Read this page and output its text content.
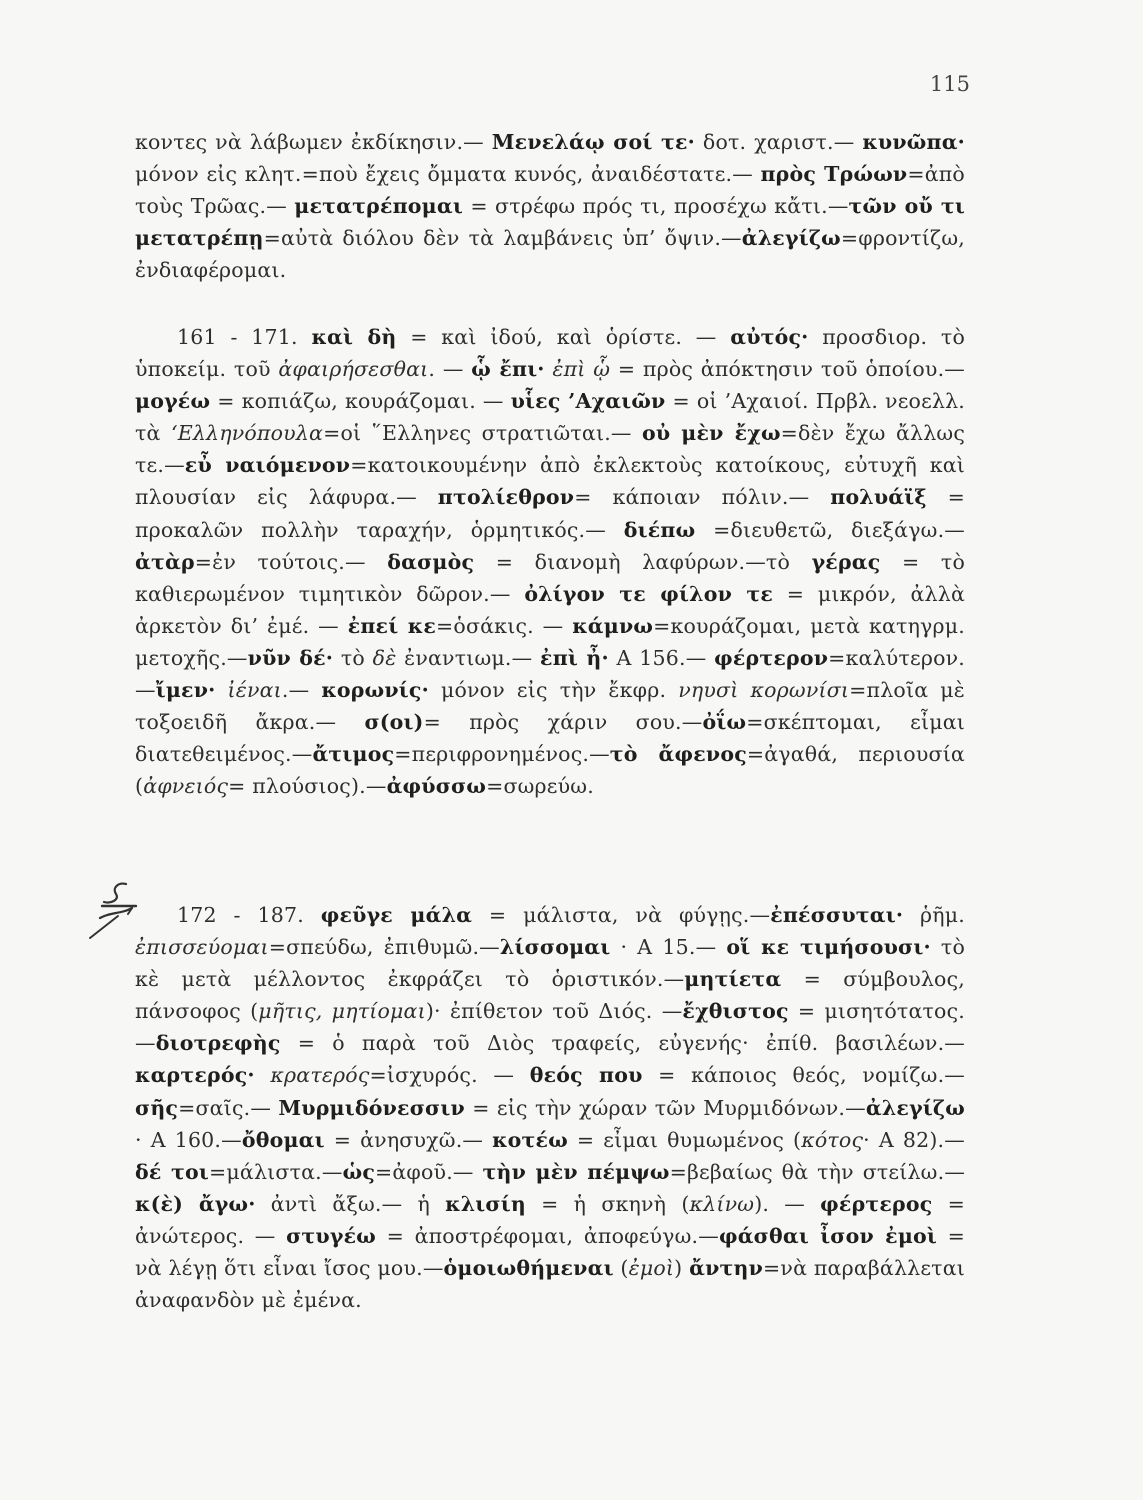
115

κοντες νὰ λάβωμεν ἐκδίκησιν.— Μενελάῳ σοί τε· δοτ. χαριστ.— κυνῶπα· μόνον εἰς κλητ.=ποὺ ἔχεις ὄμματα κυνός, ἀναιδέστατε.— πρὸς Τρώων=ἀπὸ τοὺς Τρῶας.— μετατρέπομαι = στρέφω πρός τι, προσέχω κἄτι.—τῶν οὔ τι μετατρέπῃ=αὐτὰ διόλου δὲν τὰ λαμβάνεις ὑπ’ ὄψιν.—ἀλεγίζω=φροντίζω, ἐνδιαφέρομαι.

161 - 171. καὶ δὴ = καὶ ἰδού, καὶ ὁρίστε. — αὐτός· προσδιορ. τὸ ὑποκείμ. τοῦ ἀφαιρήσεσθαι. — ᾧ ἔπι· ἐπὶ ᾧ = πρὸς ἀπόκτησιν τοῦ ὁποίου.— μογέω = κοπιάζω, κουράζομαι. — υἷες ’Αχαιῶν = οἱ ’Αχαιοί. Πρβλ. νεοελλ. τὰ ‘Ελληνόπουλα=οἱ ῞Ελληνες στρατιῶται.— οὐ μὲν ἔχω=δὲν ἔχω ἄλλως τε.—εὖ ναιόμενον=κατοικουμένην ἀπὸ ἐκλεκτοὺς κατοίκους, εὐτυχῆ καὶ πλουσίαν εἰς λάφυρα.— πτολίεθρον= κάποιαν πόλιν.— πολυάϊξ = προκαλῶν πολλὴν ταραχήν, ὁρμητικός.— διέπω =διευθετῶ, διεξάγω.—ἀτὰρ=ἐν τούτοις.— δασμὸς = διανομὴ λαφύρων.—τὸ γέρας = τὸ καθιερωμένον τιμητικὸν δῶρον.— ὀλίγον τε φίλον τε = μικρόν, ἀλλὰ ἀρκετὸν δι’ ἐμέ. — ἐπεί κε=ὁσάκις. — κάμνω=κουράζομαι, μετὰ κατηγρμ. μετοχῆς.—νῦν δέ· τὸ δὲ ἐναντιωμ.— ἐπὶ ἦ· Α 156.— φέρτερον=καλύτερον.—ἴμεν· ἰέναι.— κορωνίς· μόνον εἰς τὴν ἔκφρ. νηυσὶ κορωνίσι=πλοῖα μὲ τοξοειδῆ ἄκρα.— σ(οι)= πρὸς χάριν σου.—ὀΐω=σκέπτομαι, εἶμαι διατεθειμένος.—ἄτιμος=περιφρονημένος.—τὸ ἄφενος=ἀγαθά, περιουσία (ἀφνειός= πλούσιος).—ἀφύσσω=σωρεύω.

172 - 187. φεῦγε μάλα = μάλιστα, νὰ φύγῃς.—ἐπέσσυται· ῥῆμ. ἐπισσεύομαι=σπεύδω, ἐπιθυμῶ.—λίσσομαι · Α 15.— οἵ κε τιμήσουσι· τὸ κὲ μετὰ μέλλοντος ἐκφράζει τὸ ὁριστικόν.—μητίετα = σύμβουλος, πάνσοφος (μῆτις, μητίομαι)· ἐπίθετον τοῦ Διός. —ἔχθιστος = μισητότατος.—διοτρεφὴς = ὁ παρὰ τοῦ Διὸς τραφείς, εὐγενής· ἐπίθ. βασιλέων.—καρτερός· κρατερός=ἰσχυρός. — θεός που = κάποιος θεός, νομίζω.—σῆς=σαῖς.— Μυρμιδόνεσσιν = εἰς τὴν χώραν τῶν Μυρμιδόνων.—ἀλεγίζω · Α 160.—ὄθομαι = ἀνησυχῶ.— κοτέω = εἶμαι θυμωμένος (κότος· Α 82).—δέ τοι=μάλιστα.—ὡς=ἀφοῦ.— τὴν μὲν πέμψω=βεβαίως θὰ τὴν στείλω.—κ(ὲ) ἄγω· ἀντὶ ἄξω.— ἡ κλισίη = ἡ σκηνὴ (κλίνω). — φέρτερος = ἀνώτερος. — στυγέω = ἀποστρέφομαι, ἀποφεύγω.—φάσθαι ἶσον ἐμοὶ = νὰ λέγῃ ὅτι εἶναι ἴσος μου.—ὁμοιωθήμεναι (ἐμοὶ) ἄντην=νὰ παραβάλλεται ἀναφανδὸν μὲ ἐμένα.
